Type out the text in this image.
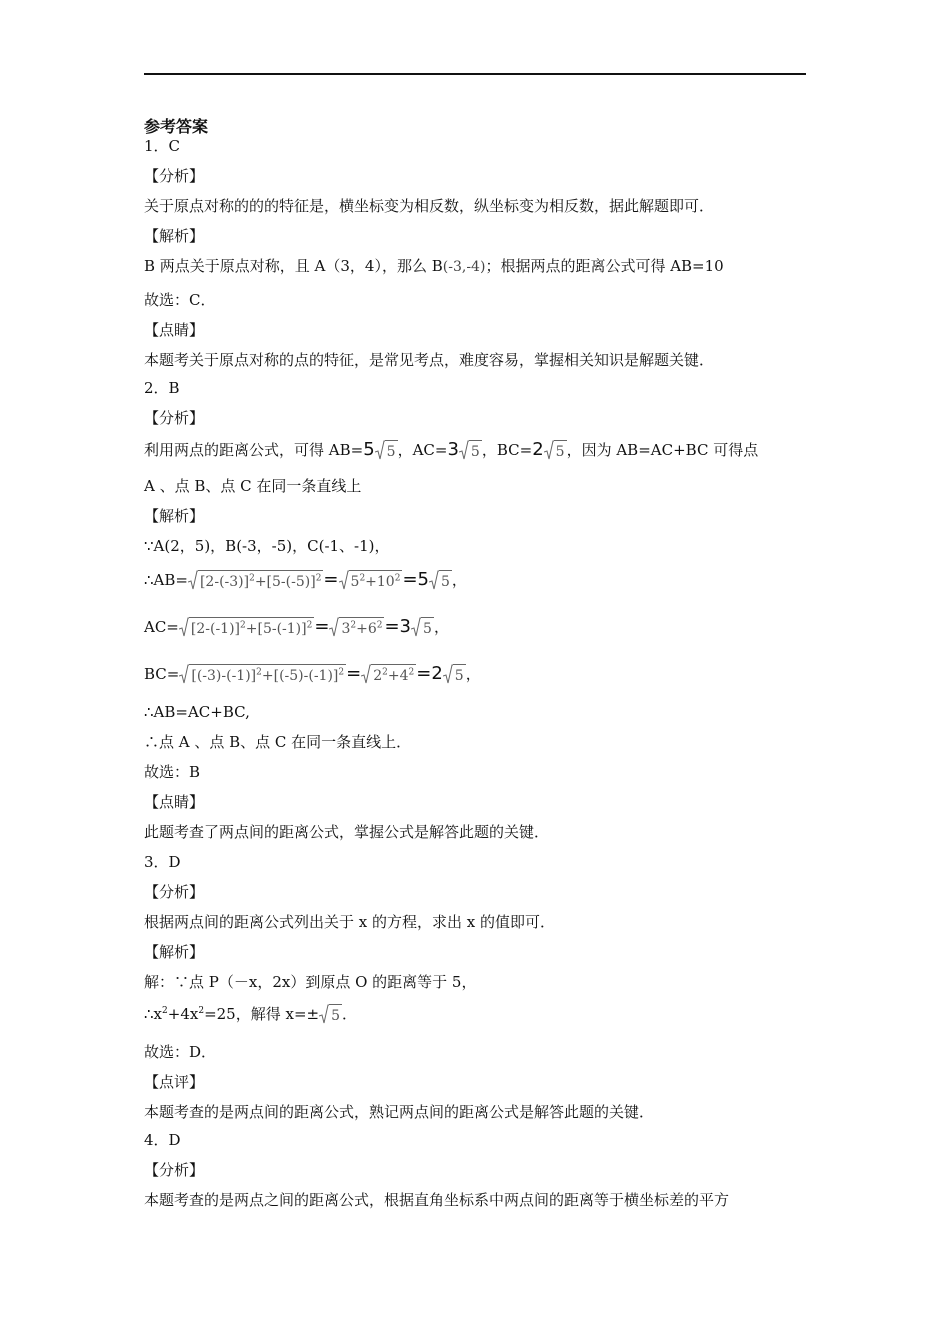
参考答案
1．C
【分析】
关于原点对称的的的特征是，横坐标变为相反数，纵坐标变为相反数，据此解题即可．
【解析】
B 两点关于原点对称，且 A（3，4），那么 B(-3,-4)；根据两点的距离公式可得 AB=10
故选：C．
【点睛】
本题考关于原点对称的点的特征，是常见考点，难度容易，掌握相关知识是解题关键．
2．B
【分析】
利用两点的距离公式，可得 AB=5 5 ，AC=3 5 ，BC=2 5 ，因为 AB=AC+BC 可得点
A 、点 B、点 C 在同一条直线上
【解析】
∵A(2，5)，B(-3，-5)，C(-1、-1)，
∴AB= $[2-(-3)]^2+[5-(-5)]^2 = 5^2+10^2 =5$ 5 ，
$AC= [2-(-1)]^2+[5-(-1)]^2 = 3^2+6^2 =3$ 5 ，
$BC= [(-3)-(-1)]^2+[(-5)-(-1)]^2 = 2^2+4^2 =2$ 5 ，
∴AB=AC+BC,
∴点 A 、点 B、点 C 在同一条直线上．
故选：B
【点睛】
此题考查了两点间的距离公式，掌握公式是解答此题的关键．
3．D
【分析】
根据两点间的距离公式列出关于 x 的方程，求出 x 的值即可．
【解析】
解：∵点 P（－x，2x）到原点 O 的距离等于 5，
$\therefore x^2+4x^2=25$，解得 x=± 5 ．
故选：D．
【点评】
本题考查的是两点间的距离公式，熟记两点间的距离公式是解答此题的关键．
4．D
【分析】
本题考查的是两点之间的距离公式，根据直角坐标系中两点间的距离等于横坐标差的平方
